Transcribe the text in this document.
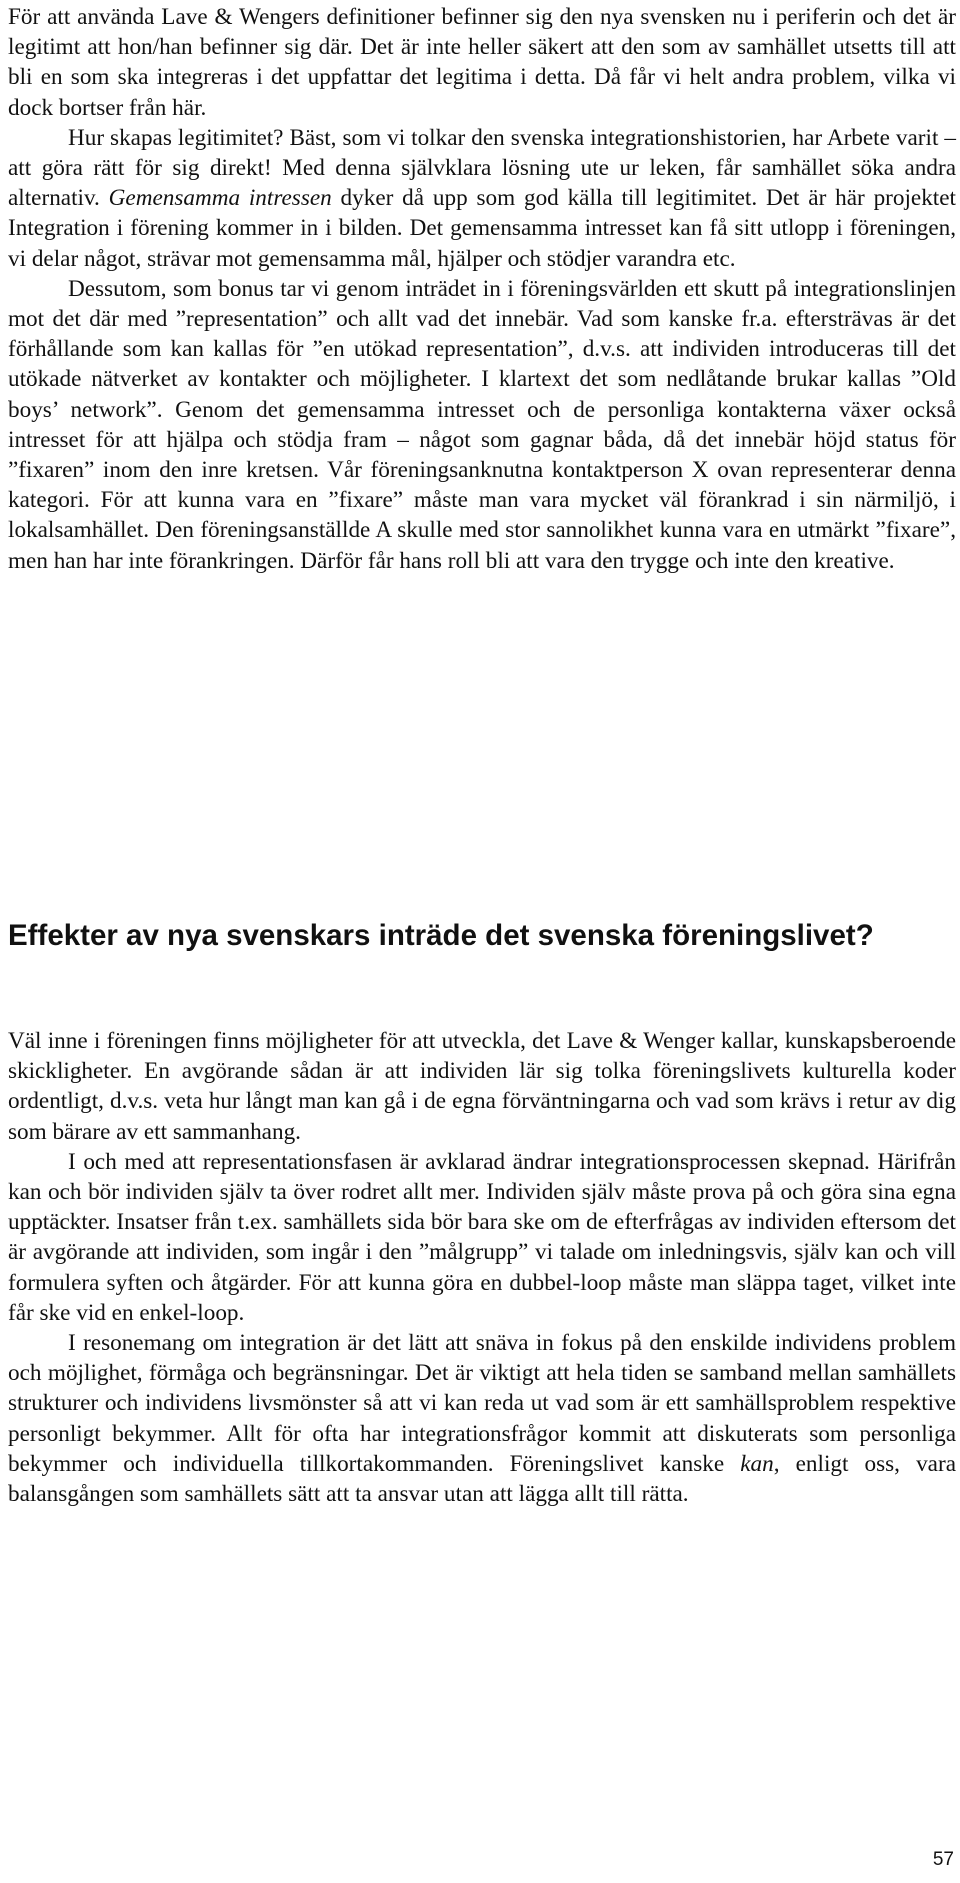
För att använda Lave & Wengers definitioner befinner sig den nya svensken nu i periferin och det är legitimt att hon/han befinner sig där. Det är inte heller säkert att den som av samhället utsetts till att bli en som ska integreras i det uppfattar det legitima i detta. Då får vi helt andra problem, vilka vi dock bortser från här.

Hur skapas legitimitet? Bäst, som vi tolkar den svenska integrationshistorien, har Arbete varit – att göra rätt för sig direkt! Med denna självklara lösning ute ur leken, får samhället söka andra alternativ. Gemensamma intressen dyker då upp som god källa till legitimitet. Det är här projektet Integration i förening kommer in i bilden. Det gemensamma intresset kan få sitt utlopp i föreningen, vi delar något, strävar mot gemensamma mål, hjälper och stödjer varandra etc.

Dessutom, som bonus tar vi genom inträdet in i föreningsvärlden ett skutt på integrationslinjen mot det där med ”representation” och allt vad det innebär. Vad som kanske fr.a. eftersträvas är det förhållande som kan kallas för ”en utökad representation”, d.v.s. att individen introduceras till det utökade nätverket av kontakter och möjligheter. I klartext det som nedlåtande brukar kallas ”Old boys’ network”. Genom det gemensamma intresset och de personliga kontakterna växer också intresset för att hjälpa och stödja fram – något som gagnar båda, då det innebär höjd status för ”fixaren” inom den inre kretsen. Vår föreningsanknutna kontaktperson X ovan representerar denna kategori. För att kunna vara en ”fixare” måste man vara mycket väl förankrad i sin närmiljö, i lokalsamhället. Den föreningsanställde A skulle med stor sannolikhet kunna vara en utmärkt ”fixare”, men han har inte förankringen. Därför får hans roll bli att vara den trygge och inte den kreative.

Effekter av nya svenskars inträde det svenska föreningslivet?

Väl inne i föreningen finns möjligheter för att utveckla, det Lave & Wenger kallar, kunskapsberoende skickligheter. En avgörande sådan är att individen lär sig tolka föreningslivets kulturella koder ordentligt, d.v.s. veta hur långt man kan gå i de egna förväntningarna och vad som krävs i retur av dig som bärare av ett sammanhang.

I och med att representationsfasen är avklarad ändrar integrationsprocessen skepnad. Härifrån kan och bör individen själv ta över rodret allt mer. Individen själv måste prova på och göra sina egna upptäckter. Insatser från t.ex. samhällets sida bör bara ske om de efterfrågas av individen eftersom det är avgörande att individen, som ingår i den ”målgrupp” vi talade om inledningsvis, själv kan och vill formulera syften och åtgärder. För att kunna göra en dubbel-loop måste man släppa taget, vilket inte får ske vid en enkel-loop.

I resonemang om integration är det lätt att snäva in fokus på den enskilde individens problem och möjlighet, förmåga och begränsningar. Det är viktigt att hela tiden se samband mellan samhällets strukturer och individens livsmönster så att vi kan reda ut vad som är ett samhällsproblem respektive personligt bekymmer. Allt för ofta har integrationsfrågor kommit att diskuterats som personliga bekymmer och individuella tillkortakommanden. Föreningslivet kanske kan, enligt oss, vara balansgången som samhällets sätt att ta ansvar utan att lägga allt till rätta.

57
